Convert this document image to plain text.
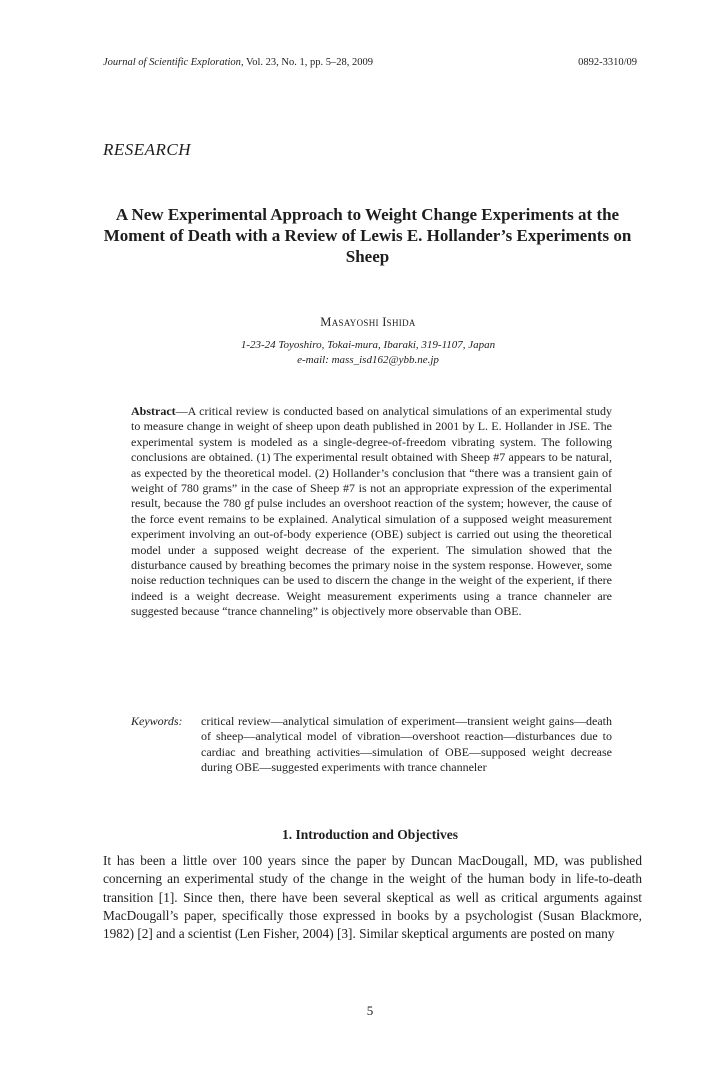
Journal of Scientific Exploration, Vol. 23, No. 1, pp. 5–28, 2009	0892-3310/09
RESEARCH
A New Experimental Approach to Weight Change Experiments at the Moment of Death with a Review of Lewis E. Hollander’s Experiments on Sheep
Masayoshi Ishida
1-23-24 Toyoshiro, Tokai-mura, Ibaraki, 319-1107, Japan
e-mail: mass_isd162@ybb.ne.jp
Abstract—A critical review is conducted based on analytical simulations of an experimental study to measure change in weight of sheep upon death published in 2001 by L. E. Hollander in JSE. The experimental system is modeled as a single-degree-of-freedom vibrating system. The following conclusions are obtained. (1) The experimental result obtained with Sheep #7 appears to be natural, as expected by the theoretical model. (2) Hollander’s conclusion that “there was a transient gain of weight of 780 grams” in the case of Sheep #7 is not an appropriate expression of the experimental result, because the 780 gf pulse includes an overshoot reaction of the system; however, the cause of the force event remains to be explained. Analytical simulation of a supposed weight measurement experiment involving an out-of-body experience (OBE) subject is carried out using the theoretical model under a supposed weight decrease of the experient. The simulation showed that the disturbance caused by breathing becomes the primary noise in the system response. However, some noise reduction techniques can be used to discern the change in the weight of the experient, if there indeed is a weight decrease. Weight measurement experiments using a trance channeler are suggested because “trance channeling” is objectively more observable than OBE.
Keywords: critical review—analytical simulation of experiment—transient weight gains—death of sheep—analytical model of vibration—overshoot reaction—disturbances due to cardiac and breathing activities—simulation of OBE—supposed weight decrease during OBE—suggested experiments with trance channeler
1. Introduction and Objectives
It has been a little over 100 years since the paper by Duncan MacDougall, MD, was published concerning an experimental study of the change in the weight of the human body in life-to-death transition [1]. Since then, there have been several skeptical as well as critical arguments against MacDougall’s paper, specifically those expressed in books by a psychologist (Susan Blackmore, 1982) [2] and a scientist (Len Fisher, 2004) [3]. Similar skeptical arguments are posted on many
5
